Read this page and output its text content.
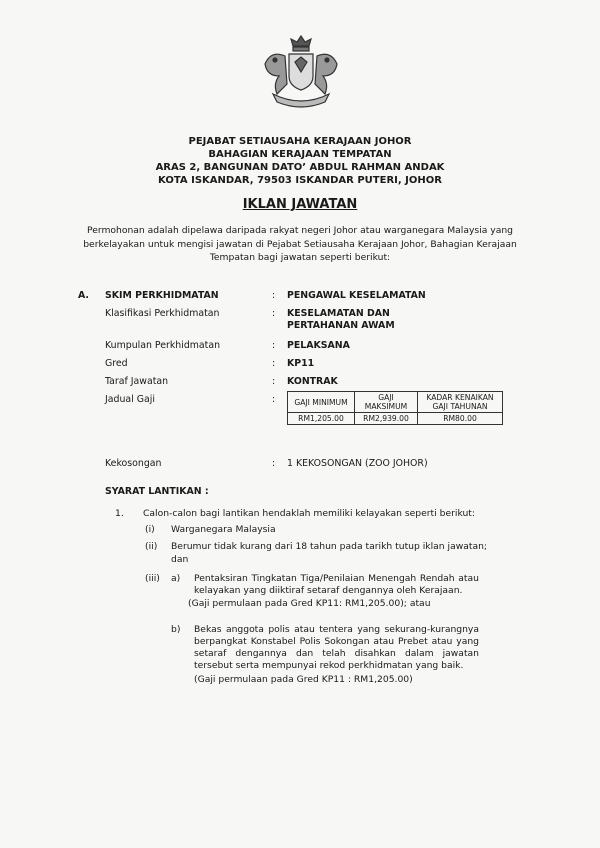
PEJABAT SETIAUSAHA KERAJAAN JOHOR
BAHAGIAN KERAJAAN TEMPATAN
ARAS 2, BANGUNAN DATO’ ABDUL RAHMAN ANDAK
KOTA ISKANDAR, 79503 ISKANDAR PUTERI, JOHOR
IKLAN JAWATAN
Permohonan adalah dipelawa daripada rakyat negeri Johor atau warganegara Malaysia yang berkelayakan untuk mengisi jawatan di Pejabat Setiausaha Kerajaan Johor, Bahagian Kerajaan Tempatan bagi jawatan seperti berikut:
A. SKIM PERKHIDMATAN	: PENGAWAL KESELAMATAN
Klasifikasi Perkhidmatan	: KESELAMATAN DAN PERTAHANAN AWAM
Kumpulan Perkhidmatan	: PELAKSANA
Gred	: KP11
Taraf Jawatan	: KONTRAK
Jadual Gaji	:	GAJI MINIMUM	GAJI MAKSIMUM	KADAR KENAIKAN GAJI TAHUNAN
RM1,205.00	RM2,939.00	RM80.00
Kekosongan	: 1 KEKOSONGAN (ZOO JOHOR)
SYARAT LANTIKAN :
1. Calon-calon bagi lantikan hendaklah memiliki kelayakan seperti berikut:
(i) Warganegara Malaysia
(ii) Berumur tidak kurang dari 18 tahun pada tarikh tutup iklan jawatan;
dan
(iii) a) Pentaksiran Tingkatan Tiga/Penilaian Menengah Rendah atau kelayakan yang diiktiraf setaraf dengannya oleh Kerajaan.
(Gaji permulaan pada Gred KP11: RM1,205.00); atau
b) Bekas anggota polis atau tentera yang sekurang-kurangnya berpangkat Konstabel Polis Sokongan atau Prebet atau yang setaraf dengannya dan telah disahkan dalam jawatan tersebut serta mempunyai rekod perkhidmatan yang baik.
(Gaji permulaan pada Gred KP11 : RM1,205.00)
